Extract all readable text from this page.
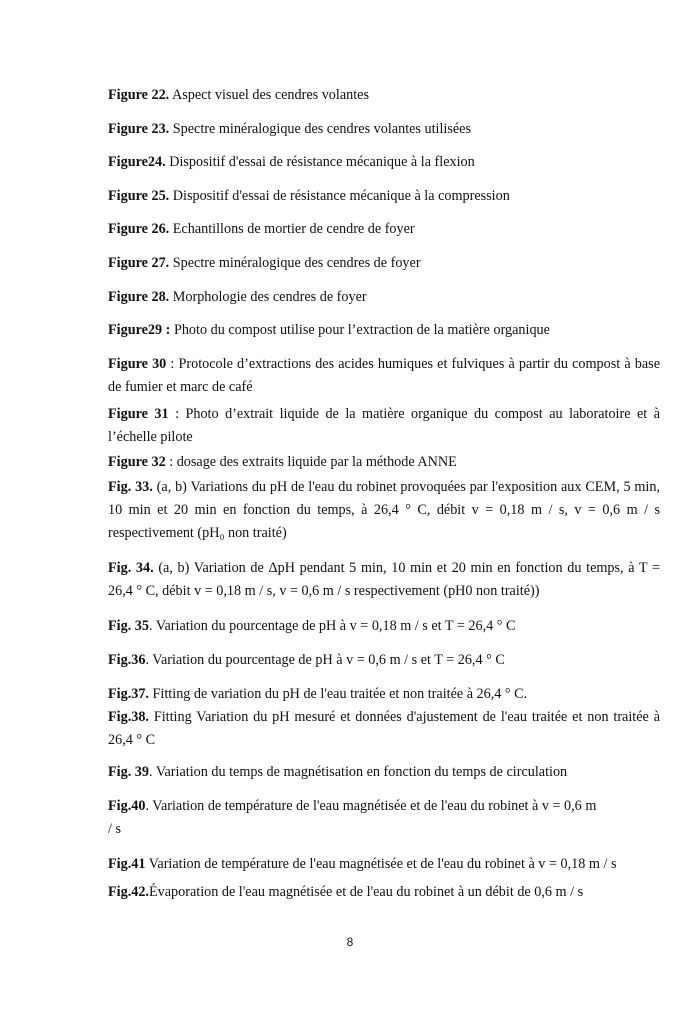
Figure 22. Aspect visuel des cendres volantes

Figure 23. Spectre minéralogique des cendres volantes utilisées

Figure24. Dispositif d'essai de résistance mécanique à la flexion

Figure 25. Dispositif d'essai de résistance mécanique à la compression

Figure 26. Echantillons de mortier de cendre de foyer

Figure 27. Spectre minéralogique des cendres de foyer

Figure 28. Morphologie des cendres de foyer

Figure29 : Photo du compost utilise pour l’extraction de la matière organique

Figure 30 : Protocole d’extractions des acides humiques et fulviques à partir du compost à base de fumier et marc de café

Figure 31 : Photo d’extrait liquide de la matière organique du compost au laboratoire et à l’échelle pilote

Figure 32 : dosage des extraits liquide par la méthode ANNE

Fig. 33. (a, b) Variations du pH de l'eau du robinet provoquées par l'exposition aux CEM, 5 min, 10 min et 20 min en fonction du temps, à 26,4 ° C, débit v = 0,18 m / s, v = 0,6 m / s respectivement (pH₀ non traité)

Fig. 34. (a, b) Variation de ΔpH pendant 5 min, 10 min et 20 min en fonction du temps, à T = 26,4 ° C, débit v = 0,18 m / s, v = 0,6 m / s respectivement (pH0 non traité))

Fig. 35. Variation du pourcentage de pH à v = 0,18 m / s et T = 26,4 ° C

Fig.36. Variation du pourcentage de pH à v = 0,6 m / s et T = 26,4 ° C

Fig.37. Fitting de variation du pH de l'eau traitée et non traitée à 26,4 ° C.

Fig.38. Fitting Variation du pH mesuré et données d'ajustement de l'eau traitée et non traitée à 26,4 ° C

Fig. 39. Variation du temps de magnétisation en fonction du temps de circulation

Fig.40. Variation de température de l'eau magnétisée et de l'eau du robinet à v = 0,6 m / s

Fig.41 Variation de température de l'eau magnétisée et de l'eau du robinet à v = 0,18 m / s

Fig.42.Évaporation de l'eau magnétisée et de l'eau du robinet à un débit de 0,6 m / s

8
